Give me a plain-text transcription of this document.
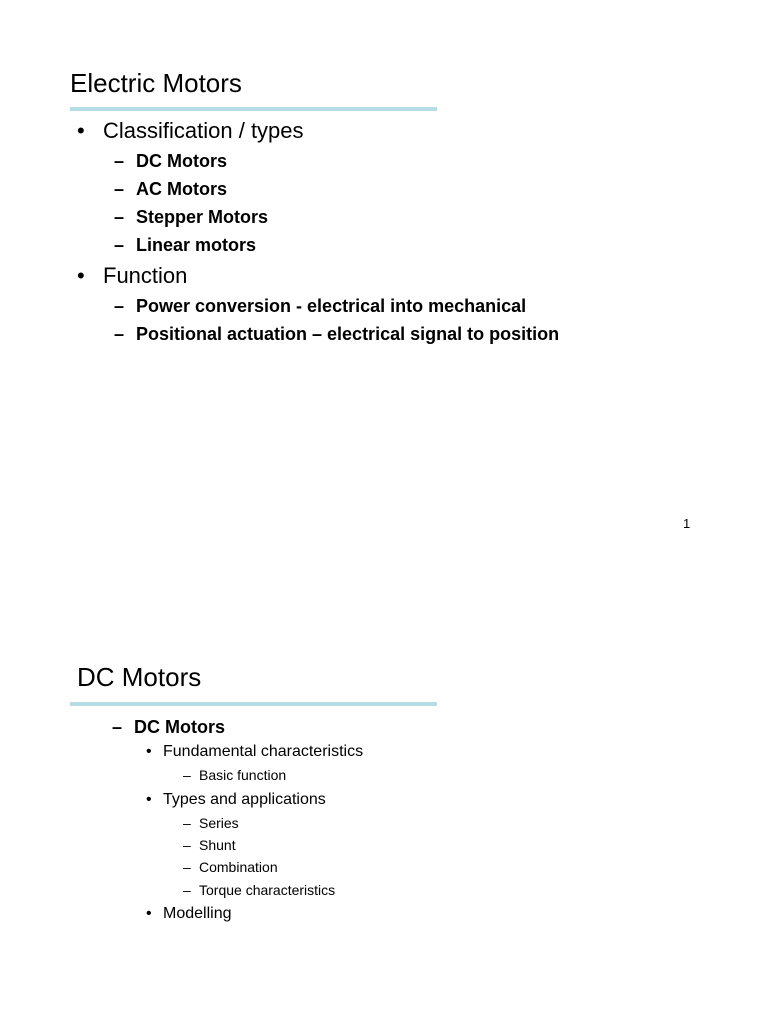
Electric Motors
• Classification / types
– DC Motors
– AC Motors
– Stepper Motors
– Linear motors
• Function
– Power conversion - electrical into mechanical
– Positional actuation – electrical signal to position
1
DC Motors
– DC Motors
• Fundamental characteristics
– Basic function
• Types and applications
– Series
– Shunt
– Combination
– Torque characteristics
• Modelling
